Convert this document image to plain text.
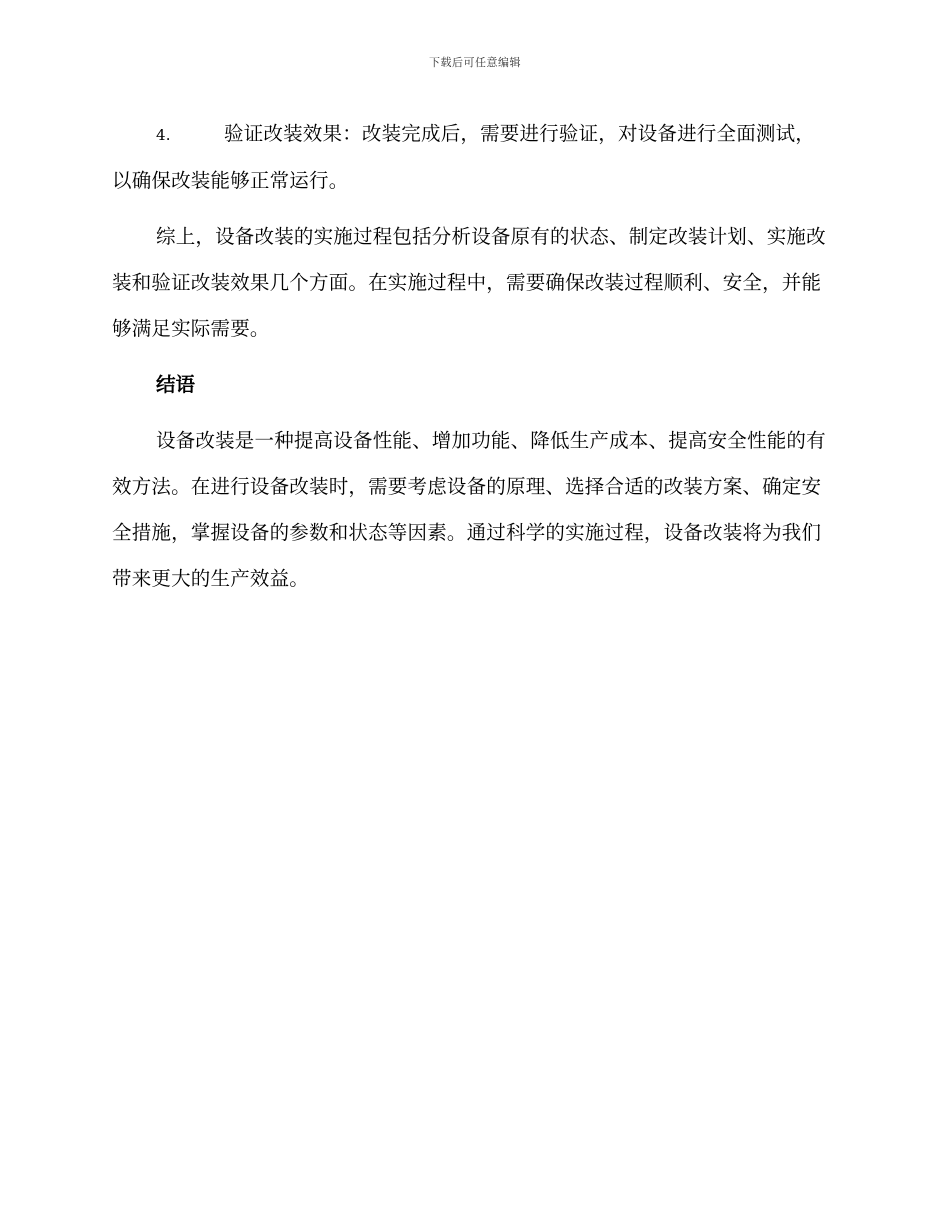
下载后可任意编辑

4.	验证改装效果：改装完成后，需要进行验证，对设备进行全面测试，以确保改装能够正常运行。

综上，设备改装的实施过程包括分析设备原有的状态、制定改装计划、实施改装和验证改装效果几个方面。在实施过程中，需要确保改装过程顺利、安全，并能够满足实际需要。

结语

设备改装是一种提高设备性能、增加功能、降低生产成本、提高安全性能的有效方法。在进行设备改装时，需要考虑设备的原理、选择合适的改装方案、确定安全措施，掌握设备的参数和状态等因素。通过科学的实施过程，设备改装将为我们带来更大的生产效益。
